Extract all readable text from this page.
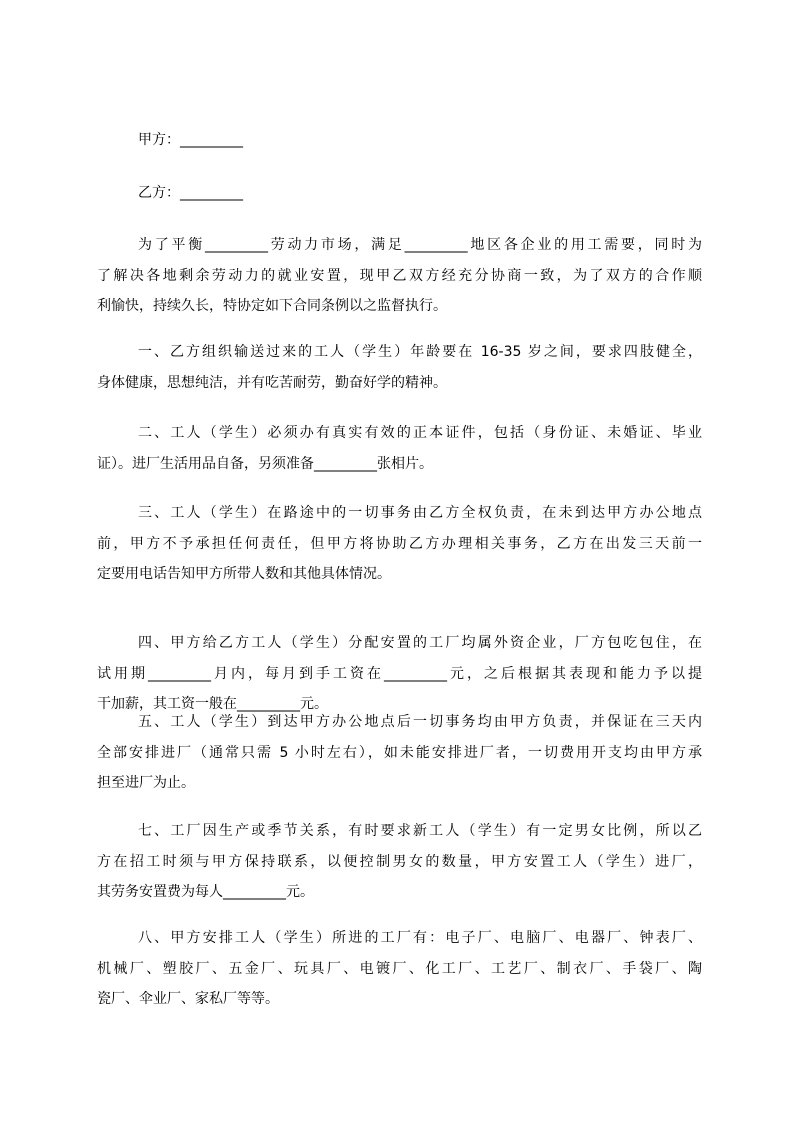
甲方：_________
乙方：_________
为了平衡_________劳动力市场，满足_________地区各企业的用工需要，同时为
了解决各地剩余劳动力的就业安置，现甲乙双方经充分协商一致，为了双方的合作顺
利愉快，持续久长，特协定如下合同条例以之监督执行。
一、乙方组织输送过来的工人（学生）年龄要在 16-35 岁之间，要求四肢健全，
身体健康，思想纯洁，并有吃苦耐劳，勤奋好学的精神。
二、工人（学生）必须办有真实有效的正本证件，包括（身份证、未婚证、毕业
证）。进厂生活用品自备，另须准备_________张相片。
三、工人（学生）在路途中的一切事务由乙方全权负责，在未到达甲方办公地点
前，甲方不予承担任何责任，但甲方将协助乙方办理相关事务，乙方在出发三天前一
定要用电话告知甲方所带人数和其他具体情况。
四、甲方给乙方工人（学生）分配安置的工厂均属外资企业，厂方包吃包住，在
试用期_________月内，每月到手工资在_________元，之后根据其表现和能力予以提
干加薪，其工资一般在_________元。
五、工人（学生）到达甲方办公地点后一切事务均由甲方负责，并保证在三天内
全部安排进厂（通常只需 5 小时左右），如未能安排进厂者，一切费用开支均由甲方承
担至进厂为止。
七、工厂因生产或季节关系，有时要求新工人（学生）有一定男女比例，所以乙
方在招工时须与甲方保持联系，以便控制男女的数量，甲方安置工人（学生）进厂，
其劳务安置费为每人_________元。
八、甲方安排工人（学生）所进的工厂有：电子厂、电脑厂、电器厂、钟表厂、
机械厂、塑胶厂、五金厂、玩具厂、电镀厂、化工厂、工艺厂、制衣厂、手袋厂、陶
瓷厂、伞业厂、家私厂等等。
